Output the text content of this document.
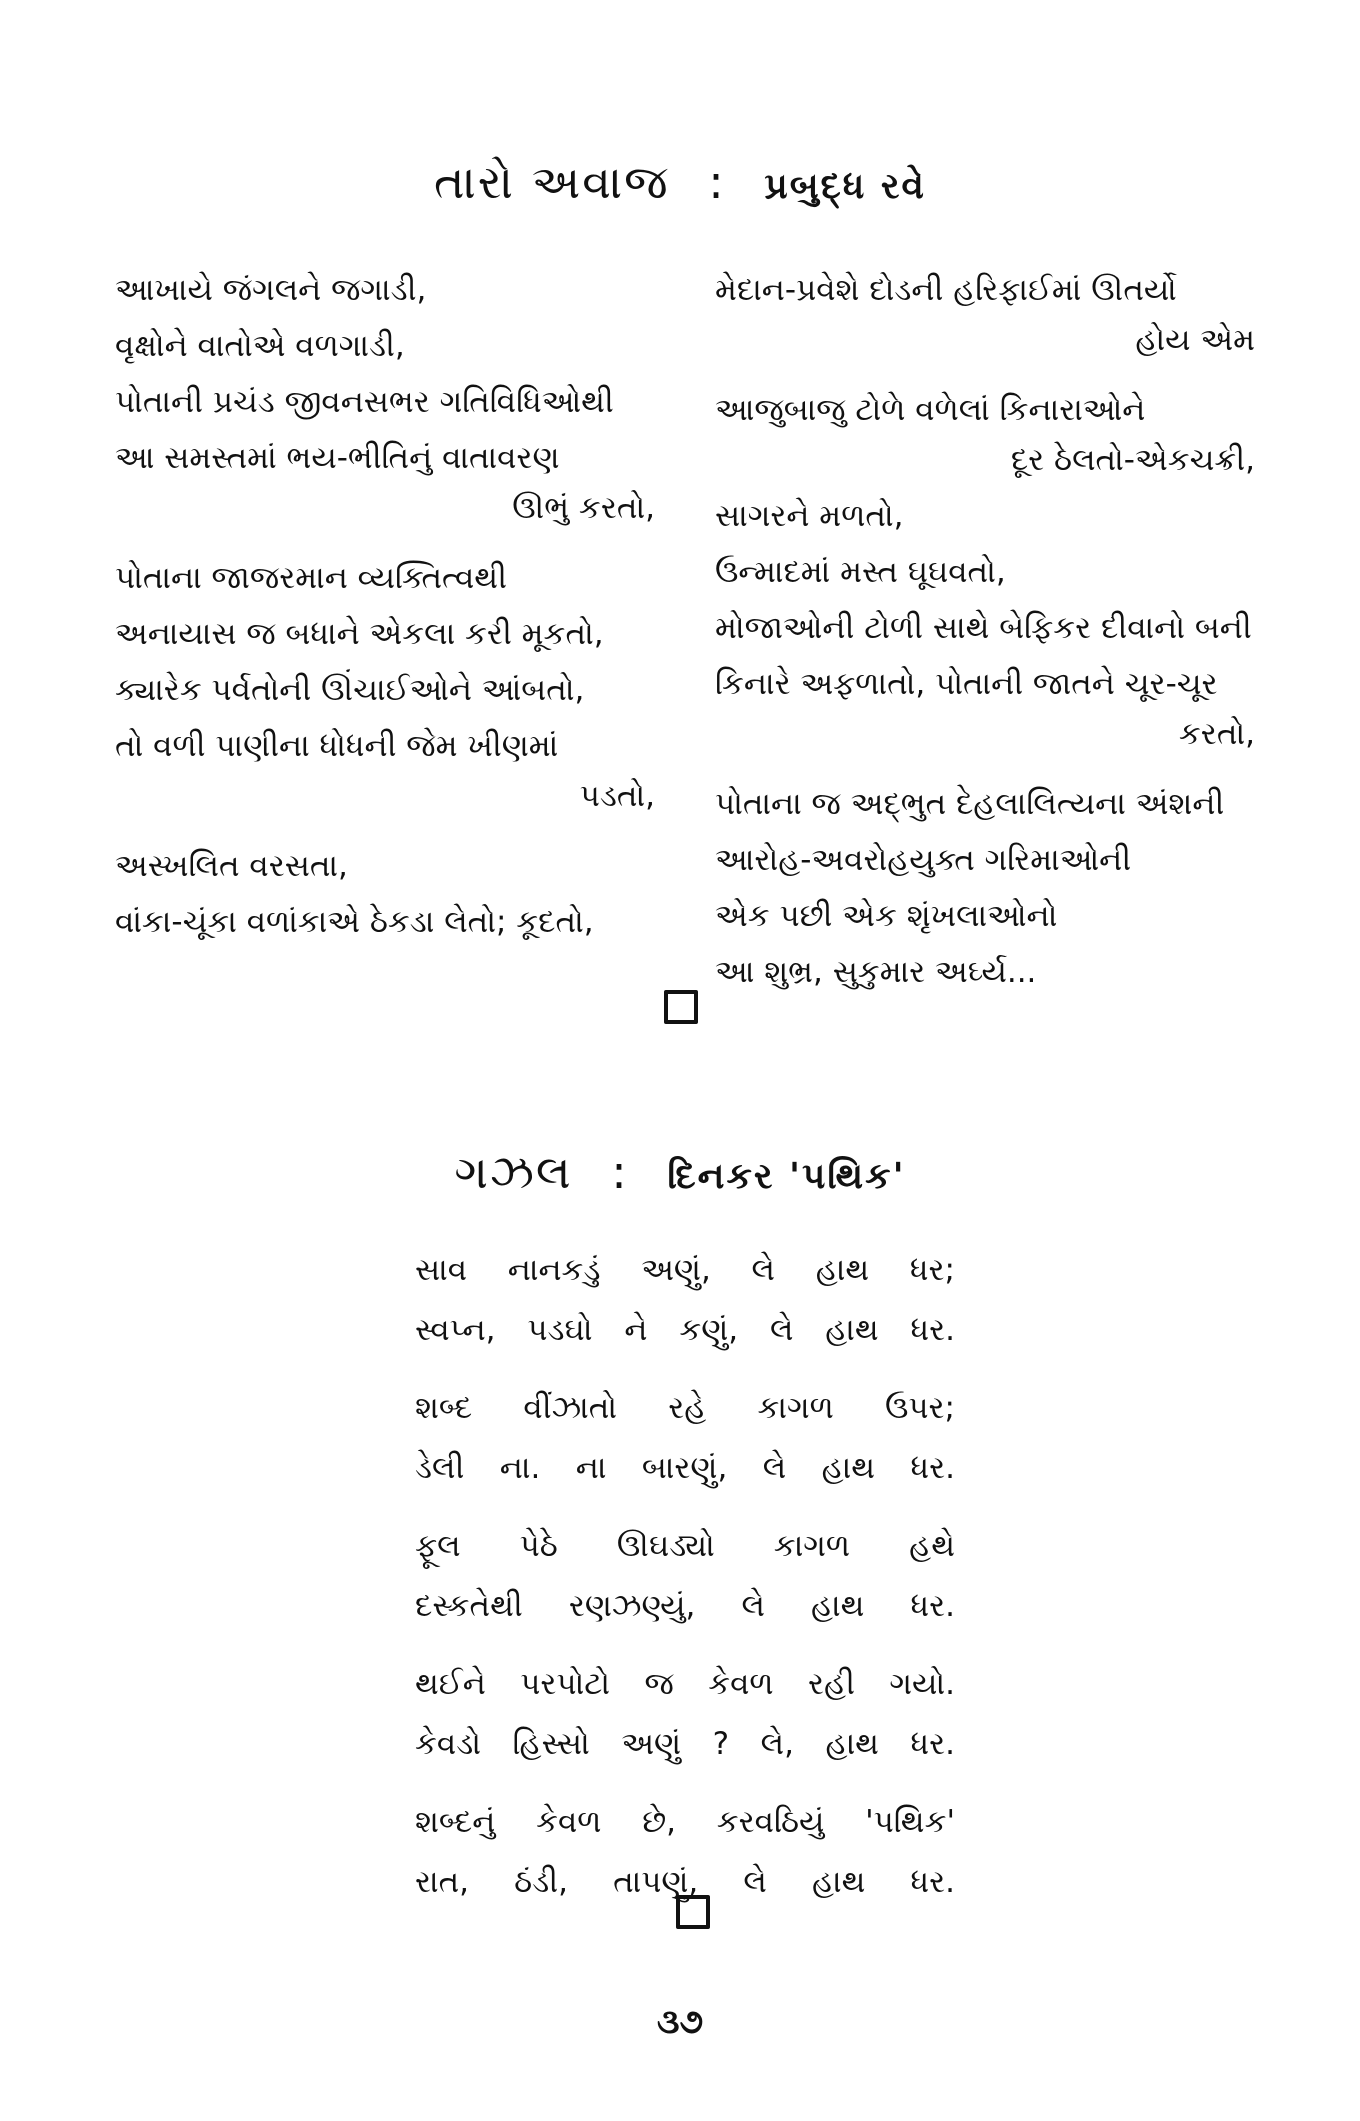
તારો અવાજ : પ્રબુદ્ધ રવે
આખાયે જંગલને જગાડી,
વૃક્ષોને વાતોએ વળગાડી,
પોતાની પ્રચંડ જીવનસભર ગતિવિધિઓથી
આ સમસ્તમાં ભય-ભીતિનું વાતાવરણ
ઊભું કરતો,
પોતાના જાજરમાન વ્યક્તિત્વથી
અનાયાસ જ બધાને એકલા કરી મૂકતો,
ક્યારેક પર્વતોની ઊંચાઈઓને આંબતો,
તો વળી પાણીના ધોધની જેમ ખીણમાં
પડતો,
અસ્ખલિત વરસતા,
વાંકા-ચૂંકા વળાંકાએ ઠેકડા લેતો; કૂદતો,
મેદાન-પ્રવેશે દોડની હરિફાઈમાં ઊતર્યો
હોય એમ
આજુબાજુ ટોળે વળેલાં કિનારાઓને
દૂર ઠેલતો-એકચક્રી,
સાગરને મળતો,
ઉન્માદમાં મસ્ત ઘૂઘવતો,
મોજાઓની ટોળી સાથે બેફિકર દીવાનો બની
કિનારે અફળાતો, પોતાની જાતને ચૂર-ચૂર
કરતો,
પોતાના જ અદ્ભુત દેહલાલિત્યના અંશની
આરોહ-અવરોહયુક્ત ગરિમાઓની
એક પછી એક શૃંખલાઓનો
આ શુભ્ર, સુકુમાર અર્ઘ્ય...
ગઝલ : દિનકર 'પથિક'
સાવ નાનકડું અણું, લે હાથ ધર;
સ્વપ્ન, પડઘો ને કણું, લે હાથ ધર.
શબ્દ વીંઝાતો રહે કાગળ ઉપર;
ડેલી ના. ના બારણું, લે હાથ ધર.
ફૂલ પેઠે ઊઘડ્યો કાગળ હથે
દસ્કતેથી રણઝણ્યું, લે હાથ ધર.
થઈને પરપોટો જ કેવળ રહી ગયો.
કેવડો હિસ્સો અણું ? લે, હાથ ધર.
શબ્દનું કેવળ છે, કરવઠિયું 'પથિક'
રાત, ઠંડી, તાપણું, લે હાથ ધર.
૩૭
